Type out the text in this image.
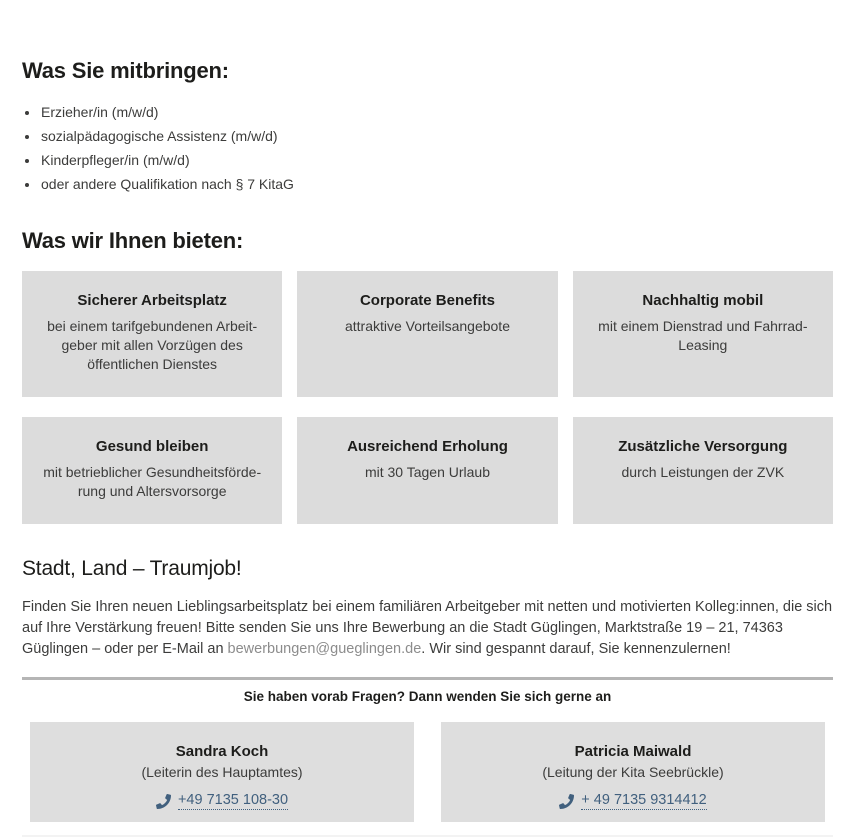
Was Sie mitbringen:
Erzieher/in (m/w/d)
sozialpädagogische Assistenz (m/w/d)
Kinderpfleger/in (m/w/d)
oder andere Qualifikation nach § 7 KitaG
Was wir Ihnen bieten:
Sicherer Arbeitsplatz
bei einem tarifgebundenen Arbeit-geber mit allen Vorzügen des öffentlichen Dienstes
Corporate Benefits
attraktive Vorteilsangebote
Nachhaltig mobil
mit einem Dienstrad und Fahrrad-Leasing
Gesund bleiben
mit betrieblicher Gesundheitsförde-rung und Altersvorsorge
Ausreichend Erholung
mit 30 Tagen Urlaub
Zusätzliche Versorgung
durch Leistungen der ZVK
Stadt, Land – Traumjob!

Finden Sie Ihren neuen Lieblingsarbeitsplatz bei einem familiären Arbeitgeber mit netten und motivierten Kolleg:innen, die sich auf Ihre Verstärkung freuen! Bitte senden Sie uns Ihre Bewerbung an die Stadt Güglingen, Marktstraße 19 – 21, 74363 Güglingen – oder per E-Mail an bewerbungen@gueglingen.de. Wir sind gespannt darauf, Sie kennenzulernen!

Sie haben vorab Fragen? Dann wenden Sie sich gerne an
Sandra Koch
(Leiterin des Hauptamtes)
+49 7135 108-30
Patricia Maiwald
(Leitung der Kita Seebrückle)
+ 49 7135 9314412
